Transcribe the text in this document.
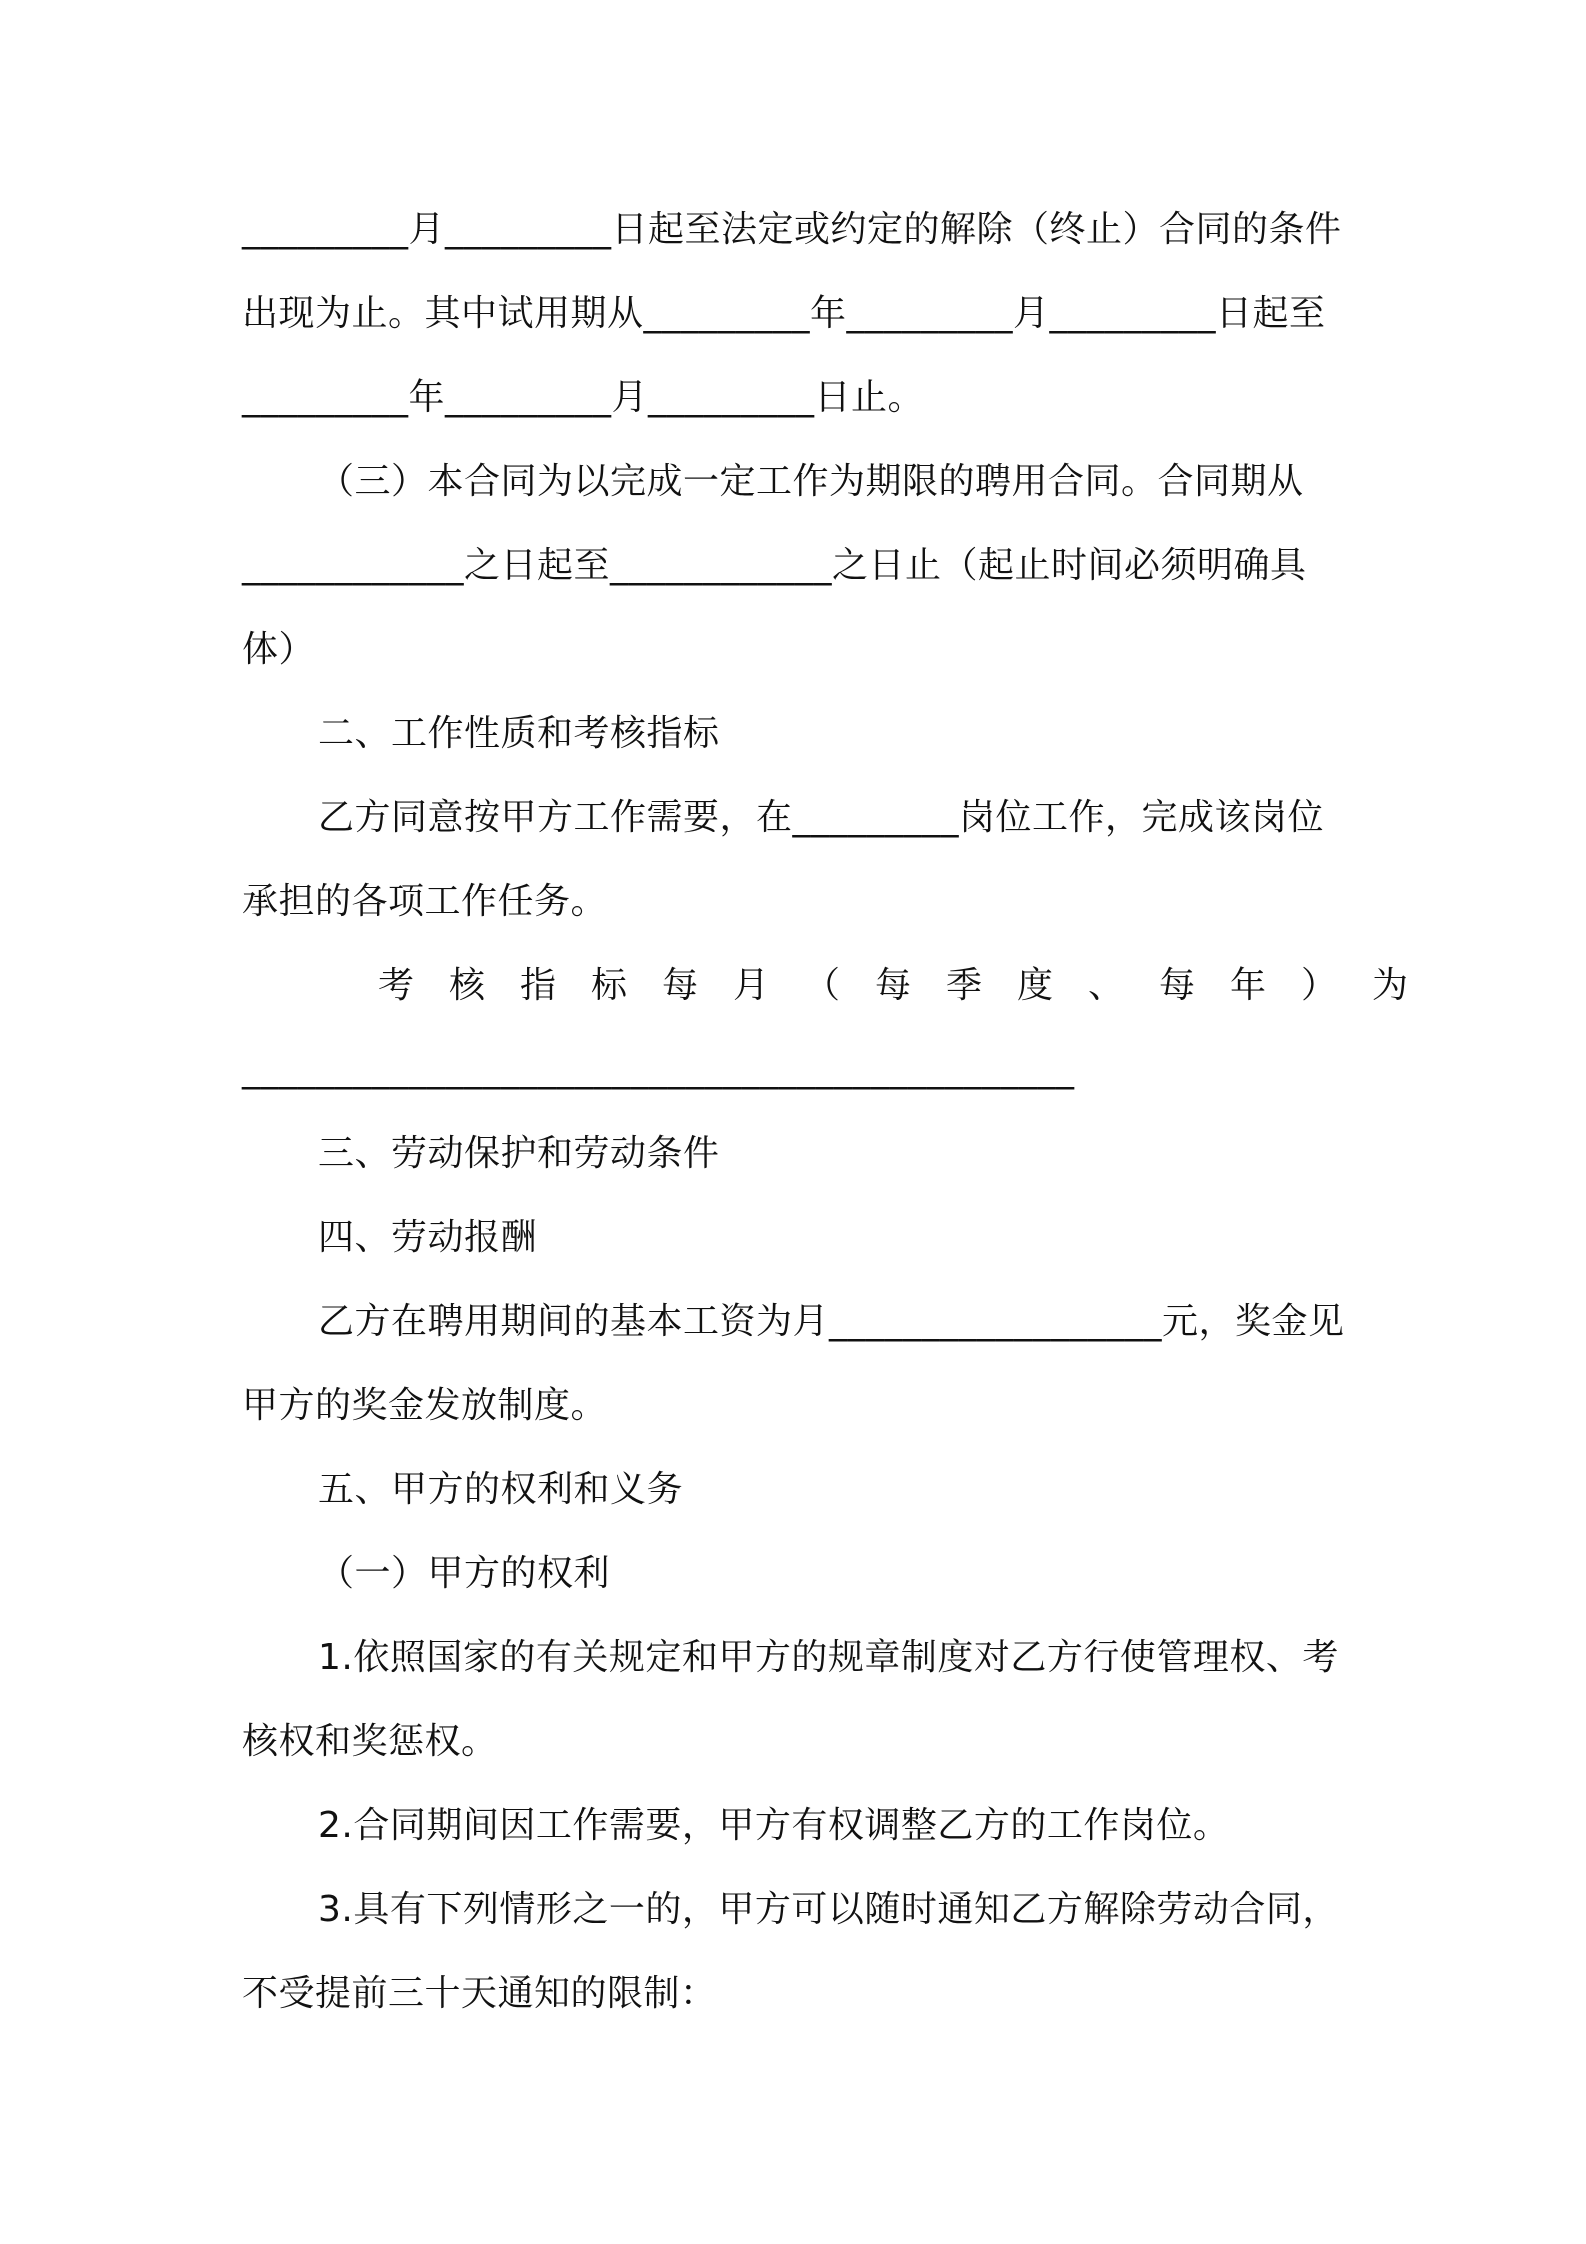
_________月_________日起至法定或约定的解除（终止）合同的条件
出现为止。其中试用期从_________年_________月_________日起至
_________年_________月_________日止。
（三）本合同为以完成一定工作为期限的聘用合同。合同期从
____________之日起至____________之日止（起止时间必须明确具
体）
二、工作性质和考核指标
乙方同意按甲方工作需要，在_________岗位工作，完成该岗位
承担的各项工作任务。
考核指标每月（每季度、每年）为
_____________________________________________
三、劳动保护和劳动条件
四、劳动报酬
乙方在聘用期间的基本工资为月__________________元，奖金见
甲方的奖金发放制度。
五、甲方的权利和义务
（一）甲方的权利
1.依照国家的有关规定和甲方的规章制度对乙方行使管理权、考
核权和奖惩权。
2.合同期间因工作需要，甲方有权调整乙方的工作岗位。
3.具有下列情形之一的，甲方可以随时通知乙方解除劳动合同，
不受提前三十天通知的限制：
